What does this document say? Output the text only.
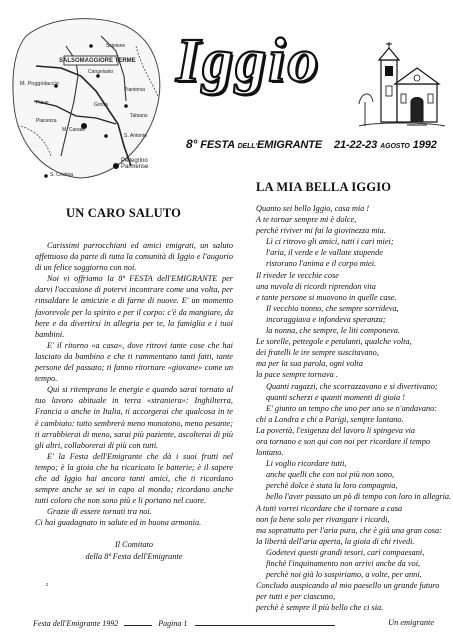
Scipione
SALSOMAGGIORE TERME
Cangelasio
Piantonia
M. Poggiolaccio
Pieve	Grotta
Piacenza
M. Canate
S. Antonio
Tabiano
Pellegrino Parmense
S. Cristina
Iggio
8° FESTA DELL'EMIGRANTE 21-22-23 AGOSTO 1992
UN CARO SALUTO

Carissimi parrocchiani ed amici emigrati, un saluto affettuoso da parte di tutta la comunità di Iggio e l'augurio di un felice soggiorno con noi.

Noi vi offriamo la 8ª FESTA dell'EMIGRANTE per darvi l'occasione di potervi incontrare come una volta, per rinsaldare le amicizie e di farne di nuove. E' un momento favorevole per lo spirito e per il corpo: c'è da mangiare, da bere e da divertirsi in allegria per te, la famiglia e i tuoi bambini.

E' il ritorno «a casa», dove ritrovi tante cose che hai lasciato da bambino e che ti rammentano tanti fatti, tante persone del passato; ti fanno ritornare «giovane» come un tempo.

Qui si ritemprano le energie e quando sarai tornato al tuo lavoro abituale in terra «straniera»: Inghilterra, Francia o anche in Italia, ti accorgerai che qualcosa in te è cambiato: tutto sembrerà meno monotono, meno pesante; ti arrabbierai di meno, sarai più paziente, ascolterai di più gli altri, collaborerai di più con tutti.

E' la Festa dell'Emigrante che dà i suoi frutti nel tempo; è la gioia che ha ricaricato le batterie; è il sapere che ad Iggio hai ancora tanti amici, che ti ricordano sempre anche se sei in capo al mondo; ricordano anche tutti coloro che non sono più e li portano nel cuore.

Grazie di essere tornati tra noi.

Ci hai guadagnato in salute ed in buona armonia.

Il Comitato

della 8ª Festa dell'Emigrante

²
LA MIA BELLA IGGIO
Quanto sei bello Iggio, casa mia !
A te tornar sempre mi è dolce,
perchè riviver mi fai la giovinezza mia.
Lì ci ritrovo gli amici, tutti i cari miei;
l'aria, il verde e le vallate stupende
ristorano l'anima e il corpo miei.
Il riveder le vecchie cose
una nuvola di ricordi riprendon vita
e tante persone si muovono in quelle case.
Il vecchio nonno, che sempre sorrideva,
incoraggiava e infondeva speranza;
la nonna, che sempre, le liti componeva.
Le sorelle, pettegole e petulanti, qualche volta,
dei fratelli le ire sempre suscitavano,
ma per la sua parola, ogni volta
la pace sempre tornava .
Quanti ragazzi, che scorrazzavano e si divertivano;
quanti scherzi e quanti momenti di gioia !
E' giunto un tempo che uno per uno se n'andavano:
chi a Londra e chi a Parigi, sempre lontano.
La povertà, l'esigenza del lavoro li spingeva via
ora tornano e son qui con noi per ricordare il tempo
lontano.
Li voglio ricordare tutti,
anche quelli che con noi più non sono,
perchè dolce è stata la loro compagnia,
bello l'aver passato un pò di tempo con loro in allegria.
A tutti vorrei ricordare che il tornare a casa
non fa bene solo per rivangare i ricordi,
ma soprattutto per l'aria pura, che è già una gran cosa:
la libertà dell'aria aperta, la gioia di chi rivedi.
Godetevi questi grandi tesori, cari compaesani,
finchè l'inquinamento non arrivi anche da voi,
perchè noi già lo sospiriamo, a volte, per anni.
Concludo auspicando al mio paesello un grande futuro
per tutti e per ciascuno,
perchè è sempre il più bello che ci sia.
Un emigrante
Festa dell'Emigrante 1992	Pagina 1
